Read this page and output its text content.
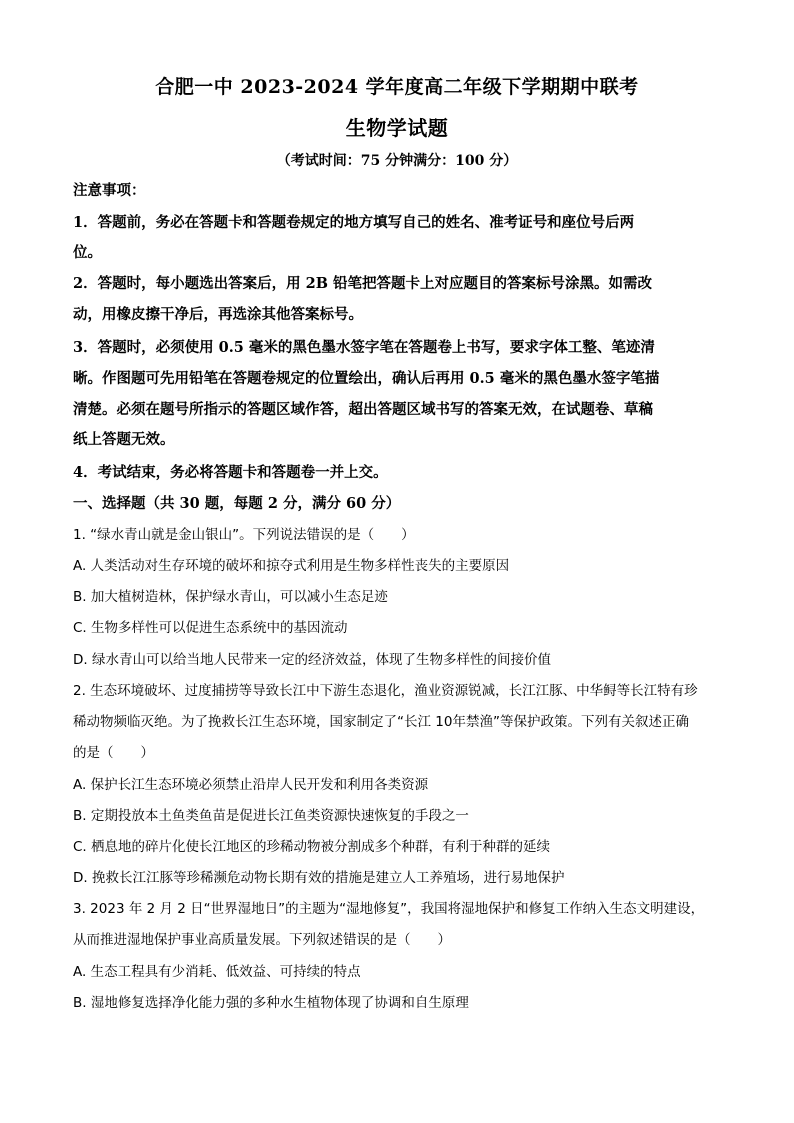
合肥一中 2023-2024 学年度高二年级下学期期中联考
生物学试题
（考试时间：75 分钟满分：100 分）
注意事项：
1．答题前，务必在答题卡和答题卷规定的地方填写自己的姓名、准考证号和座位号后两
位。
2．答题时，每小题选出答案后，用 2B 铅笔把答题卡上对应题目的答案标号涂黑。如需改
动，用橡皮擦干净后，再选涂其他答案标号。
3．答题时，必须使用 0.5 毫米的黑色墨水签字笔在答题卷上书写，要求字体工整、笔迹清
晰。作图题可先用铅笔在答题卷规定的位置绘出，确认后再用 0.5 毫米的黑色墨水签字笔描
清楚。必须在题号所指示的答题区域作答，超出答题区域书写的答案无效，在试题卷、草稿
纸上答题无效。
4．考试结束，务必将答题卡和答题卷一并上交。
一、选择题（共 30 题，每题 2 分，满分 60 分）
1. “绿水青山就是金山银山”。下列说法错误的是（　　）
A. 人类活动对生存环境的破坏和掠夺式利用是生物多样性丧失的主要原因
B. 加大植树造林，保护绿水青山，可以减小生态足迹
C. 生物多样性可以促进生态系统中的基因流动
D. 绿水青山可以给当地人民带来一定的经济效益，体现了生物多样性的间接价值
2. 生态环境破坏、过度捕捞等导致长江中下游生态退化，渔业资源锐减，长江江豚、中华鲟等长江特有珍
稀动物频临灭绝。为了挽救长江生态环境，国家制定了“长江 10年禁渔”等保护政策。下列有关叙述正确
的是（　　）
A. 保护长江生态环境必须禁止沿岸人民开发和利用各类资源
B. 定期投放本土鱼类鱼苗是促进长江鱼类资源快速恢复的手段之一
C. 栖息地的碎片化使长江地区的珍稀动物被分割成多个种群，有利于种群的延续
D. 挽救长江江豚等珍稀濒危动物长期有效的措施是建立人工养殖场，进行易地保护
3. 2023 年 2 月 2 日“世界湿地日”的主题为“湿地修复”，我国将湿地保护和修复工作纳入生态文明建设，
从而推进湿地保护事业高质量发展。下列叙述错误的是（　　）
A. 生态工程具有少消耗、低效益、可持续的特点
B. 湿地修复选择净化能力强的多种水生植物体现了协调和自生原理
